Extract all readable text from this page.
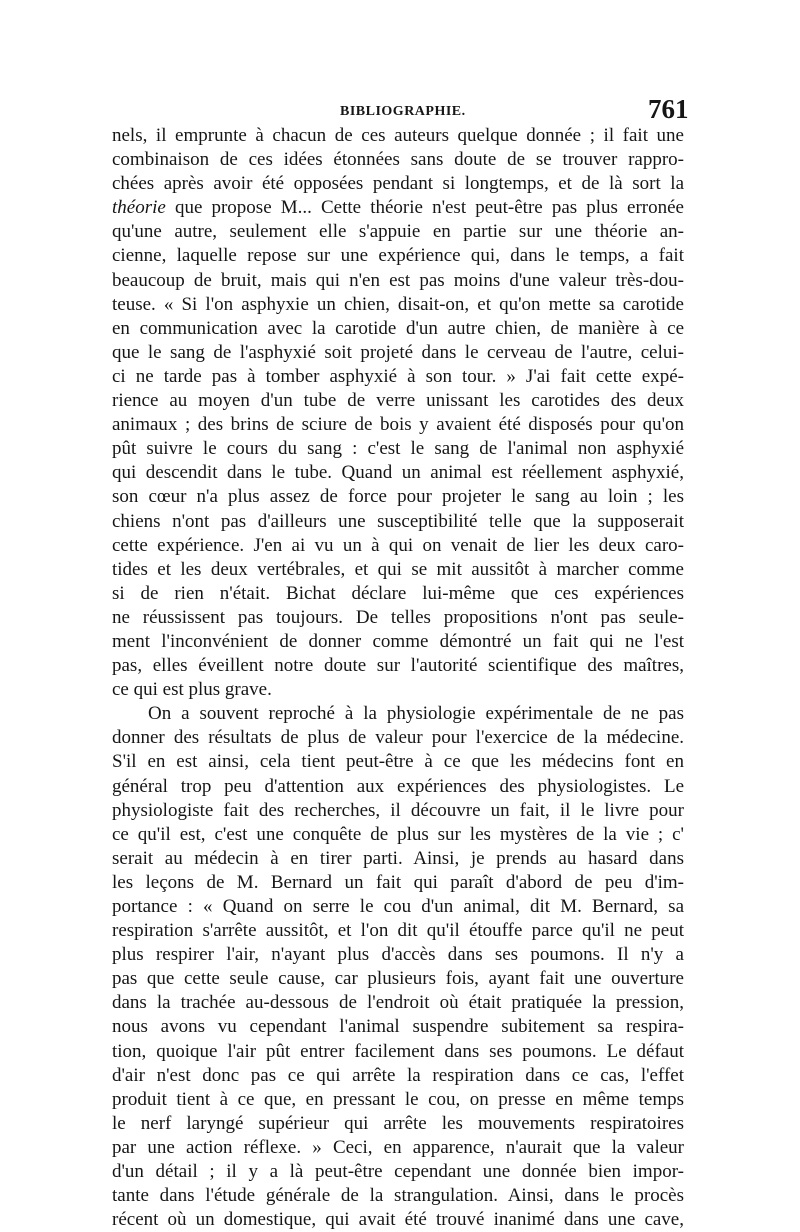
BIBLIOGRAPHIE.	761
nels, il emprunte à chacun de ces auteurs quelque donnée ; il fait une
combinaison de ces idées étonnées sans doute de se trouver rappro-
chées après avoir été opposées pendant si longtemps, et de là sort la
théorie que propose M... Cette théorie n'est peut-être pas plus erronée
qu'une autre, seulement elle s'appuie en partie sur une théorie an-
cienne, laquelle repose sur une expérience qui, dans le temps, a fait
beaucoup de bruit, mais qui n'en est pas moins d'une valeur très-dou-
teuse. « Si l'on asphyxie un chien, disait-on, et qu'on mette sa carotide
en communication avec la carotide d'un autre chien, de manière à ce
que le sang de l'asphyxié soit projeté dans le cerveau de l'autre, celui-
ci ne tarde pas à tomber asphyxié à son tour. » J'ai fait cette expé-
rience au moyen d'un tube de verre unissant les carotides des deux
animaux ; des brins de sciure de bois y avaient été disposés pour qu'on
pût suivre le cours du sang : c'est le sang de l'animal non asphyxié
qui descendit dans le tube. Quand un animal est réellement asphyxié,
son cœur n'a plus assez de force pour projeter le sang au loin ; les
chiens n'ont pas d'ailleurs une susceptibilité telle que la supposerait
cette expérience. J'en ai vu un à qui on venait de lier les deux caro-
tides et les deux vertébrales, et qui se mit aussitôt à marcher comme
si de rien n'était. Bichat déclare lui-même que ces expériences
ne réussissent pas toujours. De telles propositions n'ont pas seule-
ment l'inconvénient de donner comme démontré un fait qui ne l'est
pas, elles éveillent notre doute sur l'autorité scientifique des maîtres,
ce qui est plus grave.
On a souvent reproché à la physiologie expérimentale de ne pas
donner des résultats de plus de valeur pour l'exercice de la médecine.
S'il en est ainsi, cela tient peut-être à ce que les médecins font en
général trop peu d'attention aux expériences des physiologistes. Le
physiologiste fait des recherches, il découvre un fait, il le livre pour
ce qu'il est, c'est une conquête de plus sur les mystères de la vie ; c'
serait au médecin à en tirer parti. Ainsi, je prends au hasard dans
les leçons de M. Bernard un fait qui paraît d'abord de peu d'im-
portance : « Quand on serre le cou d'un animal, dit M. Bernard, sa
respiration s'arrête aussitôt, et l'on dit qu'il étouffe parce qu'il ne peut
plus respirer l'air, n'ayant plus d'accès dans ses poumons. Il n'y a
pas que cette seule cause, car plusieurs fois, ayant fait une ouverture
dans la trachée au-dessous de l'endroit où était pratiquée la pression,
nous avons vu cependant l'animal suspendre subitement sa respira-
tion, quoique l'air pût entrer facilement dans ses poumons. Le défaut
d'air n'est donc pas ce qui arrête la respiration dans ce cas, l'effet
produit tient à ce que, en pressant le cou, on presse en même temps
le nerf laryngé supérieur qui arrête les mouvements respiratoires
par une action réflexe. » Ceci, en apparence, n'aurait que la valeur
d'un détail ; il y a là peut-être cependant une donnée bien impor-
tante dans l'étude générale de la strangulation. Ainsi, dans le procès
récent où un domestique, qui avait été trouvé inanimé dans une cave,
